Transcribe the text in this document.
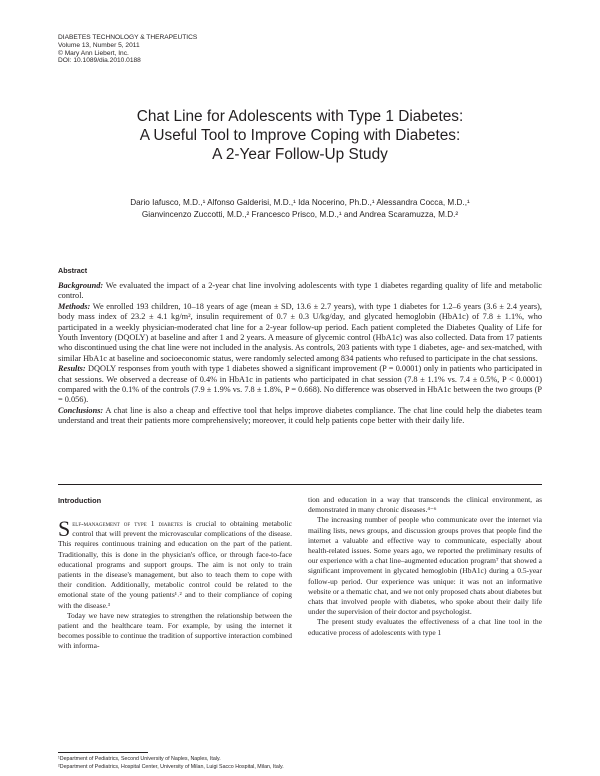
DIABETES TECHNOLOGY & THERAPEUTICS
Volume 13, Number 5, 2011
© Mary Ann Liebert, Inc.
DOI: 10.1089/dia.2010.0188
Chat Line for Adolescents with Type 1 Diabetes:
A Useful Tool to Improve Coping with Diabetes:
A 2-Year Follow-Up Study
Dario Iafusco, M.D.,¹ Alfonso Galderisi, M.D.,¹ Ida Nocerino, Ph.D.,¹ Alessandra Cocca, M.D.,¹
Gianvincenzo Zuccotti, M.D.,² Francesco Prisco, M.D.,¹ and Andrea Scaramuzza, M.D.²
Abstract

Background: We evaluated the impact of a 2-year chat line involving adolescents with type 1 diabetes regarding quality of life and metabolic control.

Methods: We enrolled 193 children, 10–18 years of age (mean ± SD, 13.6 ± 2.7 years), with type 1 diabetes for 1.2–6 years (3.6 ± 2.4 years), body mass index of 23.2 ± 4.1 kg/m², insulin requirement of 0.7 ± 0.3 U/kg/day, and glycated hemoglobin (HbA1c) of 7.8 ± 1.1%, who participated in a weekly physician-moderated chat line for a 2-year follow-up period. Each patient completed the Diabetes Quality of Life for Youth Inventory (DQOLY) at baseline and after 1 and 2 years. A measure of glycemic control (HbA1c) was also collected. Data from 17 patients who discontinued using the chat line were not included in the analysis. As controls, 203 patients with type 1 diabetes, age- and sex-matched, with similar HbA1c at baseline and socioeconomic status, were randomly selected among 834 patients who refused to participate in the chat sessions.

Results: DQOLY responses from youth with type 1 diabetes showed a significant improvement (P = 0.0001) only in patients who participated in chat sessions. We observed a decrease of 0.4% in HbA1c in patients who participated in chat session (7.8 ± 1.1% vs. 7.4 ± 0.5%, P < 0.0001) compared with the 0.1% of the controls (7.9 ± 1.9% vs. 7.8 ± 1.8%, P = 0.668). No difference was observed in HbA1c between the two groups (P = 0.056).

Conclusions: A chat line is also a cheap and effective tool that helps improve diabetes compliance. The chat line could help the diabetes team understand and treat their patients more comprehensively; moreover, it could help patients cope better with their daily life.

Introduction

Self-management of type 1 diabetes is crucial to obtaining metabolic control that will prevent the microvascular complications of the disease. This requires continuous training and education on the part of the patient. Traditionally, this is done in the physician's office, or through face-to-face educational programs and support groups. The aim is not only to train patients in the disease's management, but also to teach them to cope with their condition. Additionally, metabolic control could be related to the emotional state of the young patients¹˒² and to their compliance of coping with the disease.³

Today we have new strategies to strengthen the relationship between the patient and the healthcare team. For example, by using the internet it becomes possible to continue the tradition of supportive interaction combined with informa-

tion and education in a way that transcends the clinical environment, as demonstrated in many chronic diseases.⁴⁻⁶

The increasing number of people who communicate over the internet via mailing lists, news groups, and discussion groups proves that people find the internet a valuable and effective way to communicate, especially about health-related issues. Some years ago, we reported the preliminary results of our experience with a chat line–augmented education program⁷ that showed a significant improvement in glycated hemoglobin (HbA1c) during a 0.5-year follow-up period. Our experience was unique: it was not an informative website or a thematic chat, and we not only proposed chats about diabetes but chats that involved people with diabetes, who spoke about their daily life under the supervision of their doctor and psychologist.

The present study evaluates the effectiveness of a chat line tool in the educative process of adolescents with type 1

¹Department of Pediatrics, Second University of Naples, Naples, Italy.
²Department of Pediatrics, Hospital Center, University of Milan, Luigi Sacco Hospital, Milan, Italy.
